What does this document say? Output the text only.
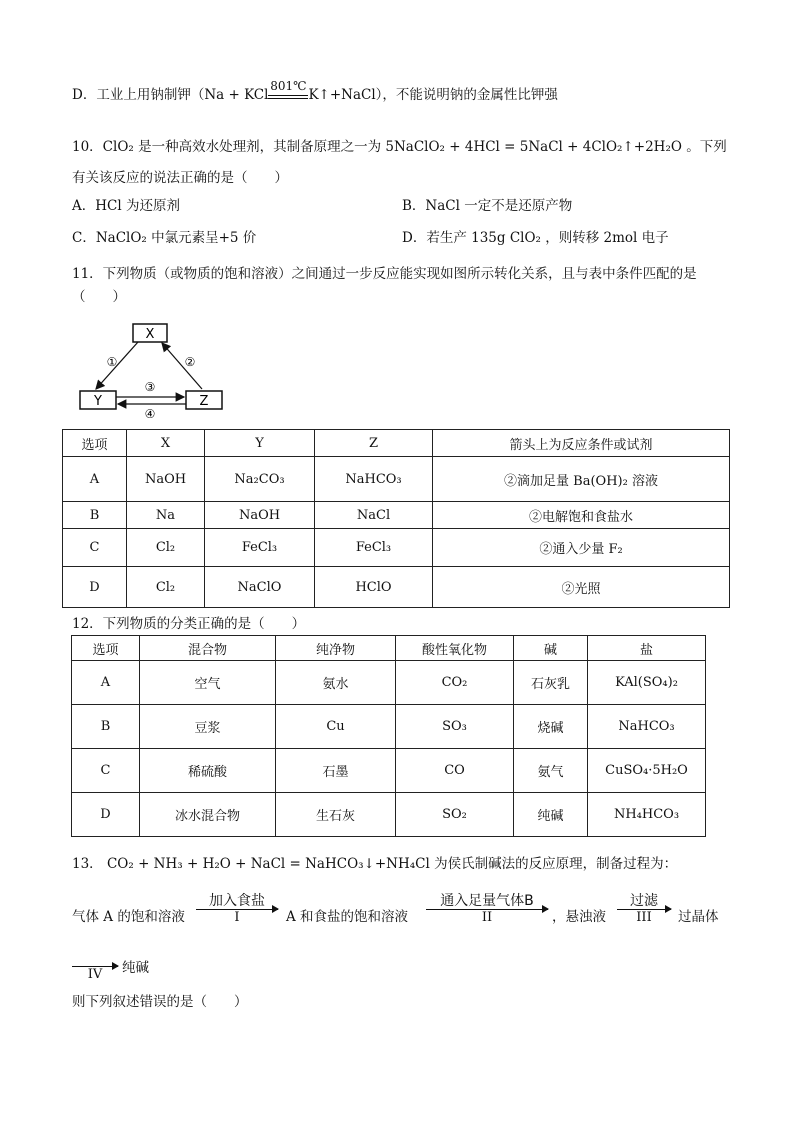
D．工业上用钠制钾（Na + KCl
801℃
K↑+NaCl），不能说明钠的金属性比钾强
10．ClO₂ 是一种高效水处理剂，其制备原理之一为 5NaClO₂ + 4HCl = 5NaCl + 4ClO₂↑+2H₂O 。下列
有关该反应的说法正确的是（　　）
A．HCl 为还原剂	B．NaCl 一定不是还原产物
C．NaClO₂ 中氯元素呈+5 价	D．若生产 135g ClO₂ ，则转移 2mol 电子
11．下列物质（或物质的饱和溶液）之间通过一步反应能实现如图所示转化关系，且与表中条件匹配的是
（　　）
X
Y	Z
①	②
③
④
选项	X	Y	Z	箭头上为反应条件或试剂
A	NaOH	Na₂CO₃	NaHCO₃	②滴加足量 Ba(OH)₂ 溶液
B	Na	NaOH	NaCl	②电解饱和食盐水
C	Cl₂	FeCl₃	FeCl₃	②通入少量 F₂
D	Cl₂	NaClO	HClO	②光照
12．下列物质的分类正确的是（　　）
选项	混合物	纯净物	酸性氧化物	碱	盐
A	空气	氨水	CO₂	石灰乳	KAl(SO₄)₂
B	豆浆	Cu	SO₃	烧碱	NaHCO₃
C	稀硫酸	石墨	CO	氨气	CuSO₄·5H₂O
D	冰水混合物	生石灰	SO₂	纯碱	NH₄HCO₃
13． CO₂ + NH₃ + H₂O + NaCl = NaHCO₃↓+NH₄Cl 为侯氏制碱法的反应原理，制备过程为：
气体 A 的饱和溶液
加入食盐
I	A 和食盐的饱和溶液
通入足量气体B
II	，悬浊液
过滤
III	过晶体

IV	纯碱
则下列叙述错误的是（　　）
